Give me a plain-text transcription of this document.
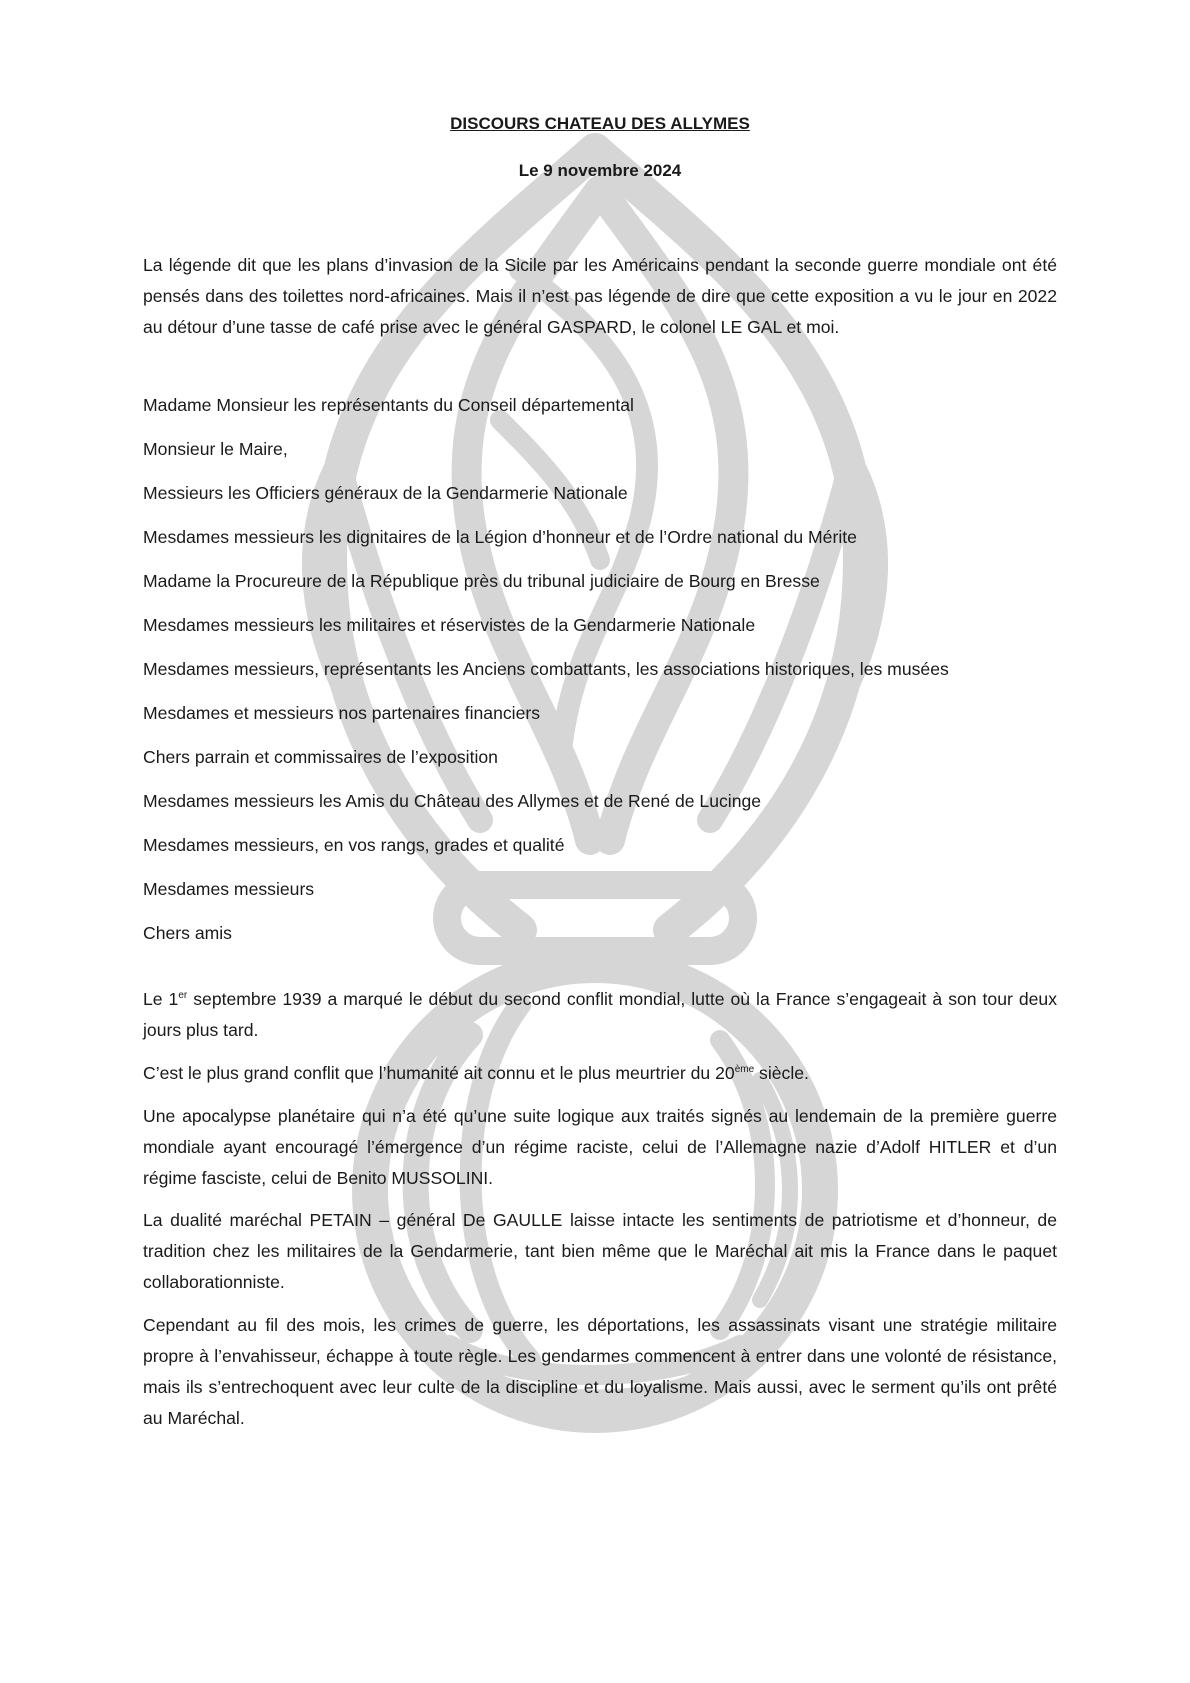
DISCOURS CHATEAU DES ALLYMES

Le 9 novembre 2024

La légende dit que les plans d’invasion de la Sicile par les Américains pendant la seconde guerre mondiale ont été pensés dans des toilettes nord-africaines. Mais il n’est pas légende de dire que cette exposition a vu le jour en 2022 au détour d’une tasse de café prise avec le général GASPARD, le colonel LE GAL et moi.

Madame Monsieur les représentants du Conseil départemental

Monsieur le Maire,

Messieurs les Officiers généraux de la Gendarmerie Nationale

Mesdames messieurs les dignitaires de la Légion d’honneur et de l’Ordre national du Mérite

Madame la Procureure de la République près du tribunal judiciaire de Bourg en Bresse

Mesdames messieurs les militaires et réservistes de la Gendarmerie Nationale

Mesdames messieurs, représentants les Anciens combattants, les associations historiques, les musées

Mesdames et messieurs nos partenaires financiers

Chers parrain et commissaires de l’exposition

Mesdames messieurs les Amis du Château des Allymes et de René de Lucinge

Mesdames messieurs, en vos rangs, grades et qualité

Mesdames messieurs

Chers amis

Le 1er septembre 1939 a marqué le début du second conflit mondial, lutte où la France s’engageait à son tour deux jours plus tard.

C’est le plus grand conflit que l’humanité ait connu et le plus meurtrier du 20ème siècle.

Une apocalypse planétaire qui n’a été qu’une suite logique aux traités signés au lendemain de la première guerre mondiale ayant encouragé l’émergence d’un régime raciste, celui de l’Allemagne nazie d’Adolf HITLER et d’un régime fasciste, celui de Benito MUSSOLINI.

La dualité maréchal PETAIN – général De GAULLE laisse intacte les sentiments de patriotisme et d’honneur, de tradition chez les militaires de la Gendarmerie, tant bien même que le Maréchal ait mis la France dans le paquet collaborationniste.

Cependant au fil des mois, les crimes de guerre, les déportations, les assassinats visant une stratégie militaire propre à l’envahisseur, échappe à toute règle. Les gendarmes commencent à entrer dans une volonté de résistance, mais ils s’entrechoquent avec leur culte de la discipline et du loyalisme. Mais aussi, avec le serment qu’ils ont prêté au Maréchal.
